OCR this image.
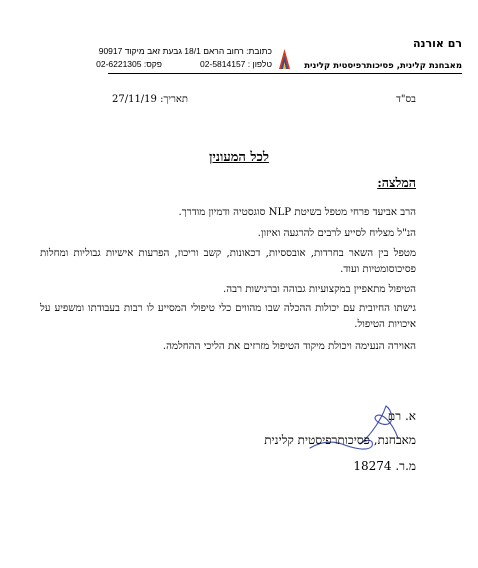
רם אורנה
מאבחנת קלינית, פסיכותרפיסטית קלינית
כתובת: רחוב הראם 18/1 גבעת זאב מיקוד 90917
טלפון : 02-5814157
פקס: 02-6221305
בס"ד
תאריך: 27/11/19
לכל המעונין
המלצה:
הרב אביעד פרחי מטפל בשיטת NLP סוגסטיה ודמיון מודרך.
הנ"ל מצליח לסייע לרבים להרגעה ואיזון.
מטפל בין השאר בחרדות, אובססיות, דכאונות, קשב וריכוז, הפרעות אישיות גבוליות ומחלות פסיכוסומטיות ועוד.
הטיפול מתאפיין במקצועיות גבוהה וברגישות רבה.
גישתו החיובית עם יכולות ההכלה שבו מהווים כלי טיפולי המסייע לו רבות בעבודתו ומשפיע על איכויות הטיפול.
האוירה הנעימה ויכולת מיקוד הטיפול מזרזים את הליכי ההחלמה.
א. רם
מאבחנת, פסיכותרפיסטית קלינית
מ.ר. 18274
